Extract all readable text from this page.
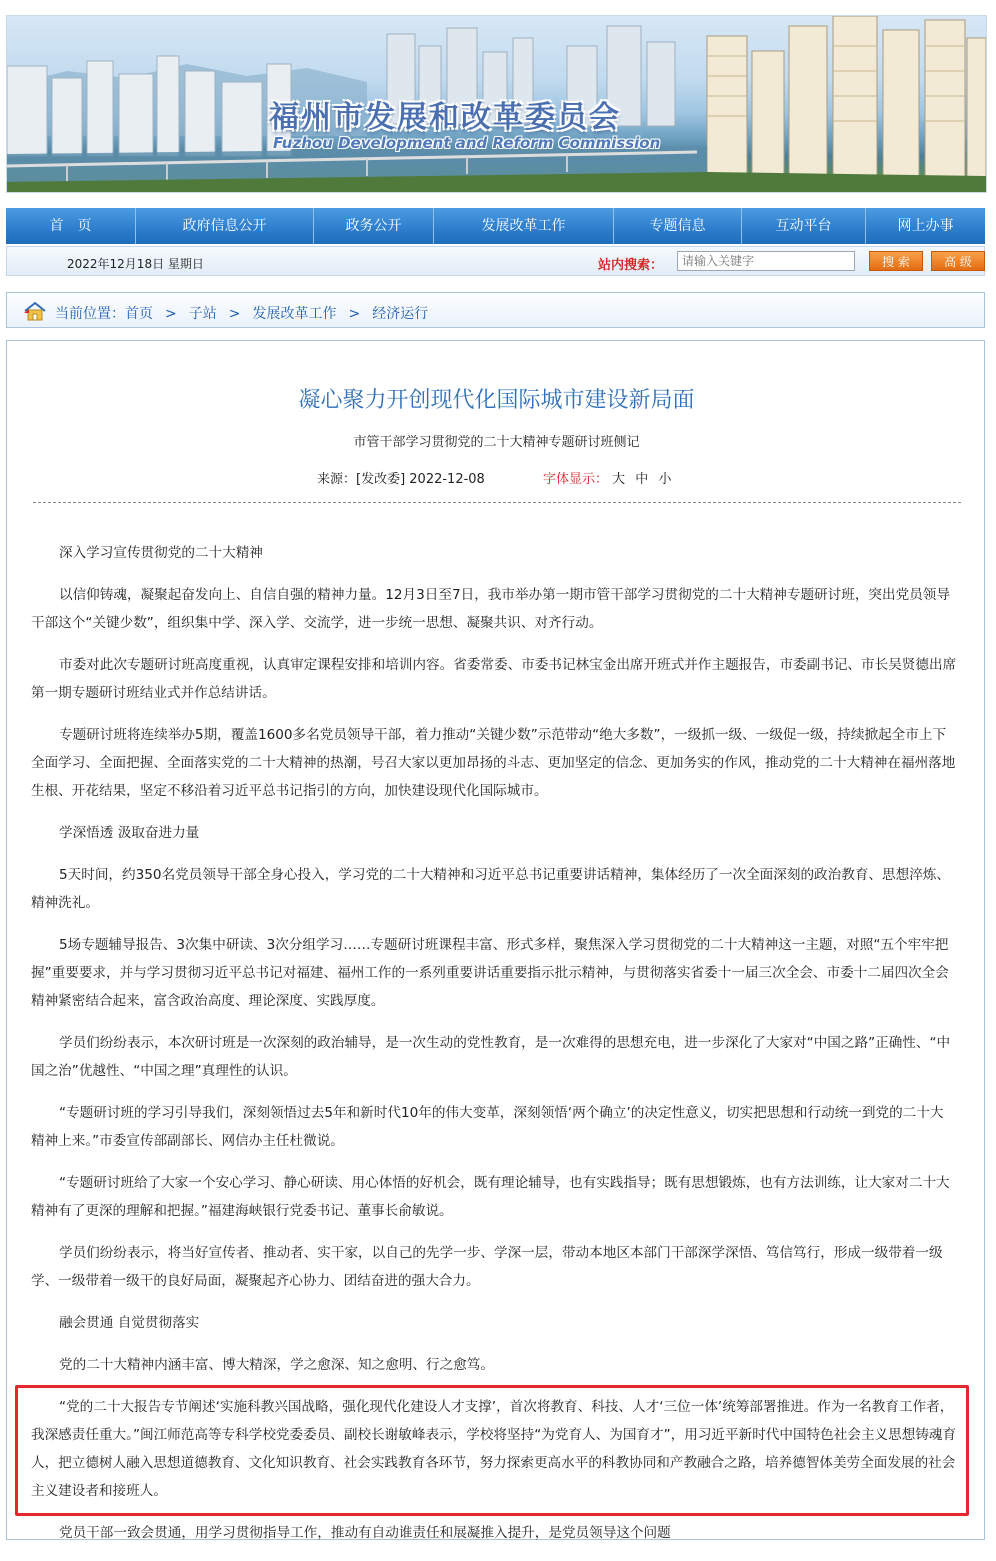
福州市发展和改革委员会
Fuzhou Development and Reform Commission
首　页	政府信息公开	政务公开	发展改革工作	专题信息	互动平台	网上办事
2022年12月18日 星期日	站内搜索：
请输入关键字	搜 索	高 级
当前位置：首页 > 子站 > 发展改革工作 > 经济运行
凝心聚力开创现代化国际城市建设新局面
市管干部学习贯彻党的二十大精神专题研讨班侧记
来源：[发改委] 2022-12-08	字体显示： 大 中 小

深入学习宣传贯彻党的二十大精神

以信仰铸魂，凝聚起奋发向上、自信自强的精神力量。12月3日至7日，我市举办第一期市管干部学习贯彻党的二十大精神专题研讨班，突出党员领导干部这个“关键少数”，组织集中学、深入学、交流学，进一步统一思想、凝聚共识、对齐行动。

市委对此次专题研讨班高度重视，认真审定课程安排和培训内容。省委常委、市委书记林宝金出席开班式并作主题报告，市委副书记、市长吴贤德出席第一期专题研讨班结业式并作总结讲话。

专题研讨班将连续举办5期，覆盖1600多名党员领导干部，着力推动“关键少数”示范带动“绝大多数”，一级抓一级、一级促一级，持续掀起全市上下全面学习、全面把握、全面落实党的二十大精神的热潮，号召大家以更加昂扬的斗志、更加坚定的信念、更加务实的作风，推动党的二十大精神在福州落地生根、开花结果，坚定不移沿着习近平总书记指引的方向，加快建设现代化国际城市。

学深悟透 汲取奋进力量

5天时间，约350名党员领导干部全身心投入，学习党的二十大精神和习近平总书记重要讲话精神，集体经历了一次全面深刻的政治教育、思想淬炼、精神洗礼。

5场专题辅导报告、3次集中研读、3次分组学习……专题研讨班课程丰富、形式多样，聚焦深入学习贯彻党的二十大精神这一主题，对照“五个牢牢把握”重要要求，并与学习贯彻习近平总书记对福建、福州工作的一系列重要讲话重要指示批示精神，与贯彻落实省委十一届三次全会、市委十二届四次全会精神紧密结合起来，富含政治高度、理论深度、实践厚度。

学员们纷纷表示，本次研讨班是一次深刻的政治辅导，是一次生动的党性教育，是一次难得的思想充电，进一步深化了大家对“中国之路”正确性、“中国之治”优越性、“中国之理”真理性的认识。

“专题研讨班的学习引导我们，深刻领悟过去5年和新时代10年的伟大变革，深刻领悟‘两个确立’的决定性意义，切实把思想和行动统一到党的二十大精神上来。”市委宣传部副部长、网信办主任杜微说。

“专题研讨班给了大家一个安心学习、静心研读、用心体悟的好机会，既有理论辅导，也有实践指导；既有思想锻炼，也有方法训练，让大家对二十大精神有了更深的理解和把握。”福建海峡银行党委书记、董事长俞敏说。

学员们纷纷表示，将当好宣传者、推动者、实干家，以自己的先学一步、学深一层，带动本地区本部门干部深学深悟、笃信笃行，形成一级带着一级学、一级带着一级干的良好局面，凝聚起齐心协力、团结奋进的强大合力。

融会贯通 自觉贯彻落实

党的二十大精神内涵丰富、博大精深，学之愈深、知之愈明、行之愈笃。

“党的二十大报告专节阐述‘实施科教兴国战略，强化现代化建设人才支撑’，首次将教育、科技、人才‘三位一体’统筹部署推进。作为一名教育工作者，我深感责任重大。”闽江师范高等专科学校党委委员、副校长谢敏峰表示，学校将坚持“为党育人、为国育才”，用习近平新时代中国特色社会主义思想铸魂育人，把立德树人融入思想道德教育、文化知识教育、社会实践教育各环节，努力探索更高水平的科教协同和产教融合之路，培养德智体美劳全面发展的社会主义建设者和接班人。

党员干部一致会贯通，用学习贯彻指导工作，推动有自动谁责任和展凝推入提升，是党员领导这个问题
